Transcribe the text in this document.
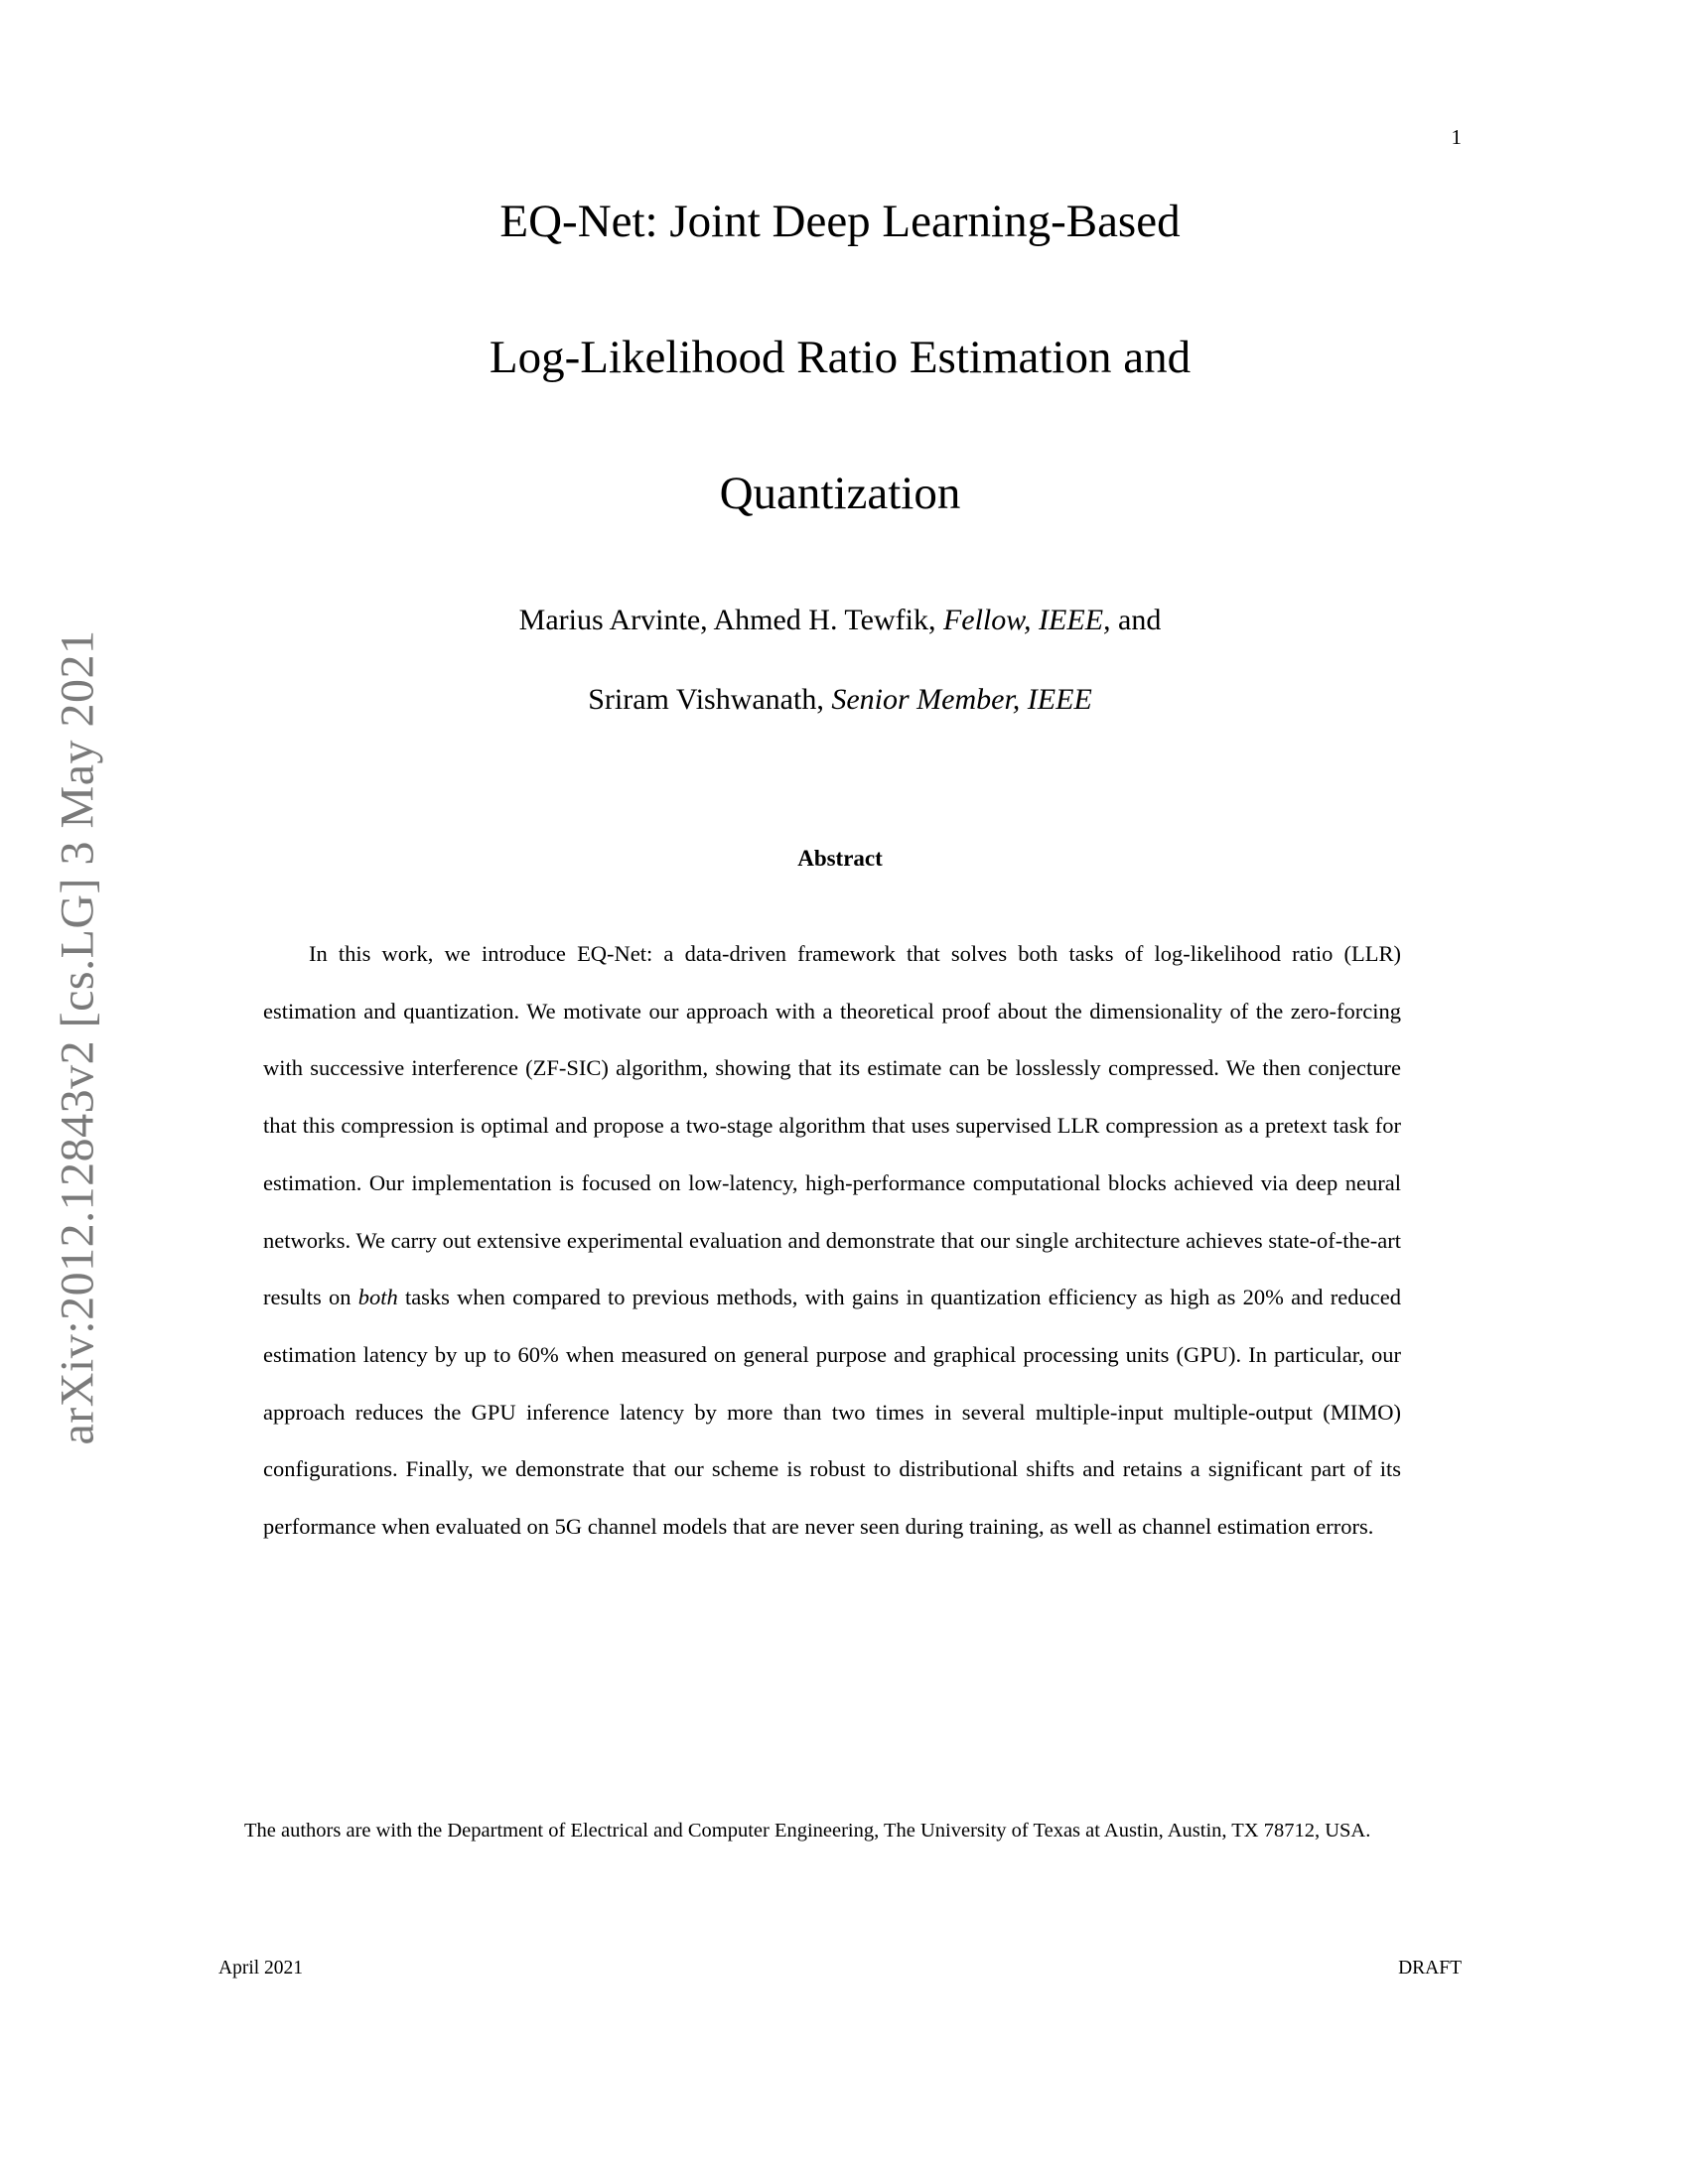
1
arXiv:2012.12843v2 [cs.LG] 3 May 2021
EQ-Net: Joint Deep Learning-Based
Log-Likelihood Ratio Estimation and
Quantization
Marius Arvinte, Ahmed H. Tewfik, Fellow, IEEE, and
Sriram Vishwanath, Senior Member, IEEE
Abstract
In this work, we introduce EQ-Net: a data-driven framework that solves both tasks of log-likelihood ratio (LLR) estimation and quantization. We motivate our approach with a theoretical proof about the dimensionality of the zero-forcing with successive interference (ZF-SIC) algorithm, showing that its estimate can be losslessly compressed. We then conjecture that this compression is optimal and propose a two-stage algorithm that uses supervised LLR compression as a pretext task for estimation. Our implementation is focused on low-latency, high-performance computational blocks achieved via deep neural networks. We carry out extensive experimental evaluation and demonstrate that our single architecture achieves state-of-the-art results on both tasks when compared to previous methods, with gains in quantization efficiency as high as 20% and reduced estimation latency by up to 60% when measured on general purpose and graphical processing units (GPU). In particular, our approach reduces the GPU inference latency by more than two times in several multiple-input multiple-output (MIMO) configurations. Finally, we demonstrate that our scheme is robust to distributional shifts and retains a significant part of its performance when evaluated on 5G channel models that are never seen during training, as well as channel estimation errors.
The authors are with the Department of Electrical and Computer Engineering, The University of Texas at Austin, Austin, TX 78712, USA.
April 2021	DRAFT
